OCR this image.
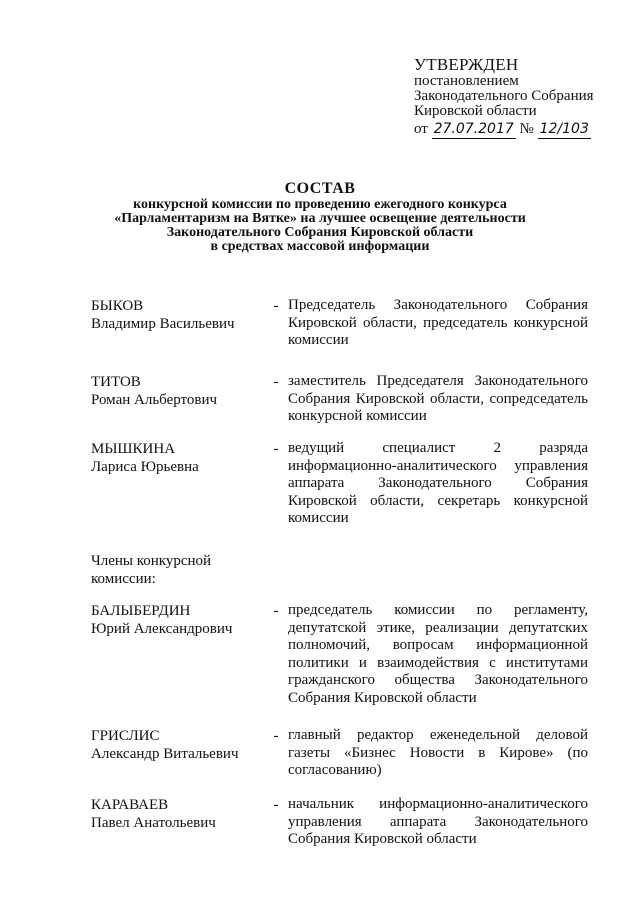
УТВЕРЖДЕН
постановлением
Законодательного Собрания
Кировской области
от 27.07.2017 № 12/103
СОСТАВ
конкурсной комиссии по проведению ежегодного конкурса
«Парламентаризм на Вятке» на лучшее освещение деятельности
Законодательного Собрания Кировской области
в средствах массовой информации
БЫКОВ
Владимир Васильевич
- Председатель Законодательного Собрания Кировской области, председатель конкурсной комиссии
ТИТОВ
Роман Альбертович
- заместитель Председателя Законодательного Собрания Кировской области, сопредседатель конкурсной комиссии
МЫШКИНА
Лариса Юрьевна
- ведущий специалист 2 разряда информационно-аналитического управления аппарата Законодательного Собрания Кировской области, секретарь конкурсной комиссии
Члены конкурсной комиссии:
БАЛЫБЕРДИН
Юрий Александрович
- председатель комиссии по регламенту, депутатской этике, реализации депутатских полномочий, вопросам информационной политики и взаимодействия с институтами гражданского общества Законодательного Собрания Кировской области
ГРИСЛИС
Александр Витальевич
- главный редактор еженедельной деловой газеты «Бизнес Новости в Кирове» (по согласованию)
КАРАВАЕВ
Павел Анатольевич
- начальник информационно-аналитического управления аппарата Законодательного Собрания Кировской области
